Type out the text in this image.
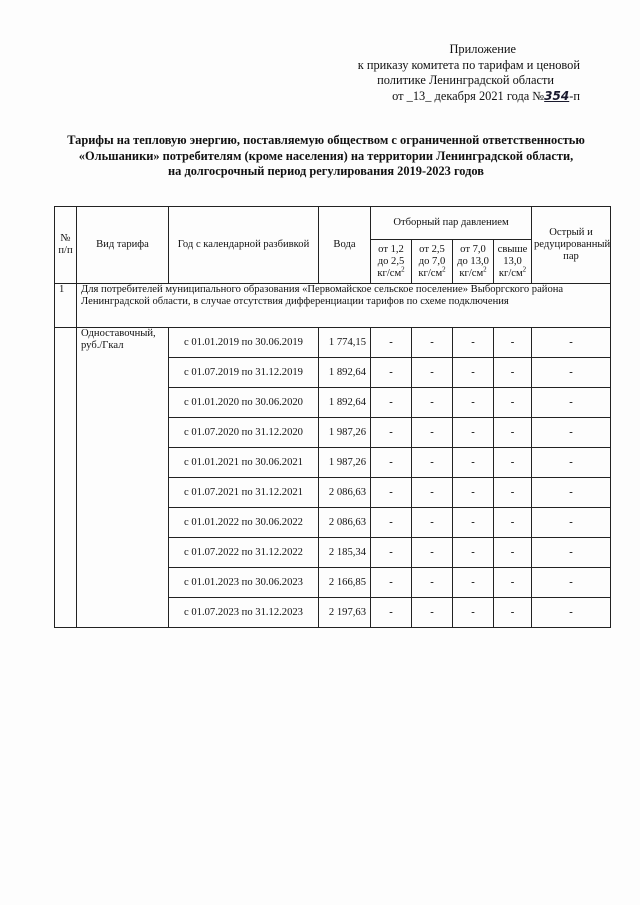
Приложение
к приказу комитета по тарифам и ценовой

политике Ленинградской области
от _13_ декабря 2021 года №354-п
Тарифы на тепловую энергию, поставляемую обществом с ограниченной ответственностью
«Ольшаники» потребителям (кроме населения) на территории Ленинградской области,
на долгосрочный период регулирования 2019-2023 годов
№ п/п	Вид тарифа	Год с календарной разбивкой	Вода	Отборный пар давлением				Острый и редуцированный пар
				от 1,2 до 2,5 $кг/см^2$	от 2,5 до 7,0 $кг/см^2$	от 7,0 до 13,0 $кг/см^2$	свыше 13,0 $кг/см^2$
1	Для потребителей муниципального образования «Первомайское сельское поселение» Выборгского района Ленинградской области, в случае отсутствия дифференциации тарифов по схеме подключения							
	Одноставочный, руб./Гкал	с 01.01.2019 по 30.06.2019	1 774,15	-	-	-	-	-
		с 01.07.2019 по 31.12.2019	1 892,64	-	-	-	-	-
		с 01.01.2020 по 30.06.2020	1 892,64	-	-	-	-	-
		с 01.07.2020 по 31.12.2020	1 987,26	-	-	-	-	-
		с 01.01.2021 по 30.06.2021	1 987,26	-	-	-	-	-
		с 01.07.2021 по 31.12.2021	2 086,63	-	-	-	-	-
		с 01.01.2022 по 30.06.2022	2 086,63	-	-	-	-	-
		с 01.07.2022 по 31.12.2022	2 185,34	-	-	-	-	-
		с 01.01.2023 по 30.06.2023	2 166,85	-	-	-	-	-
		с 01.07.2023 по 31.12.2023	2 197,63	-	-	-	-	-
